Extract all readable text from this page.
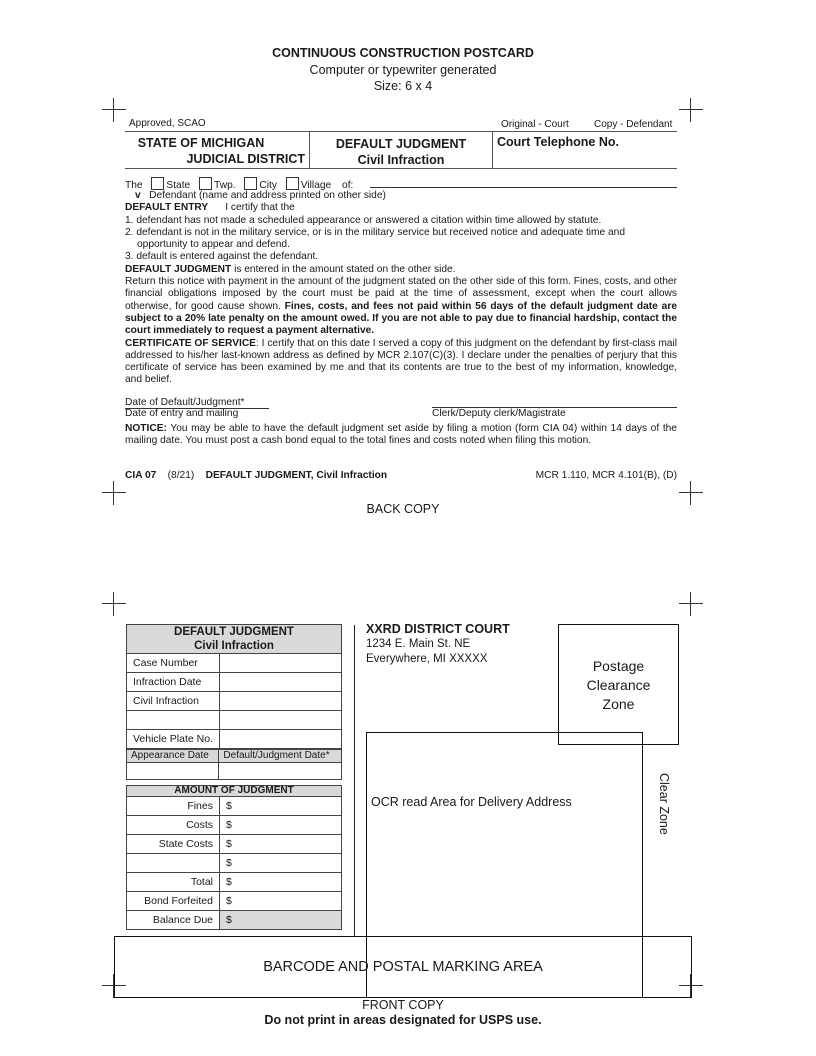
CONTINUOUS CONSTRUCTION POSTCARD
Computer or typewriter generated
Size: 6 x 4
Approved, SCAO	Original - Court	Copy - Defendant
STATE OF MICHIGAN
JUDICIAL DISTRICT
DEFAULT JUDGMENT
Civil Infraction
Court Telephone No.
The State Twp. City Village of:
v Defendant (name and address printed on other side)
DEFAULT ENTRY I certify that the
1. defendant has not made a scheduled appearance or answered a citation within time allowed by statute.
2. defendant is not in the military service, or is in the military service but received notice and adequate time and
opportunity to appear and defend.
3. default is entered against the defendant.
DEFAULT JUDGMENT is entered in the amount stated on the other side.
Return this notice with payment in the amount of the judgment stated on the other side of this form. Fines, costs, and other financial obligations imposed by the court must be paid at the time of assessment, except when the court allows otherwise, for good cause shown. Fines, costs, and fees not paid within 56 days of the default judgment date are subject to a 20% late penalty on the amount owed. If you are not able to pay due to financial hardship, contact the court immediately to request a payment alternative.
CERTIFICATE OF SERVICE: I certify that on this date I served a copy of this judgment on the defendant by first-class mail addressed to his/her last-known address as defined by MCR 2.107(C)(3). I declare under the penalties of perjury that this certificate of service has been examined by me and that its contents are true to the best of my information, knowledge, and belief.
Date of Default/Judgment*
Date of entry and mailing	Clerk/Deputy clerk/Magistrate
NOTICE: You may be able to have the default judgment set aside by filing a motion (form CIA 04) within 14 days of the mailing date. You must post a cash bond equal to the total fines and costs noted when filing this motion.
CIA 07 (8/21) DEFAULT JUDGMENT, Civil Infraction	MCR 1.110, MCR 4.101(B), (D)
BACK COPY
DEFAULT JUDGMENT
Civil Infraction	

Case Number	
Infraction Date	
Civil Infraction	

Vehicle Plate No.	
Appearance Date	Default/Judgment Date*

AMOUNT OF JUDGMENT	
Fines	$
Costs	$
State Costs	$
	$
Total	$
Bond Forfeited	$
Balance Due	$
XXRD DISTRICT COURT
1234 E. Main St. NE
Everywhere, MI XXXXX	Postage Clearance Zone
OCR read Area for Delivery Address	Clear Zone
BARCODE AND POSTAL MARKING AREA
FRONT COPY
Do not print in areas designated for USPS use.
